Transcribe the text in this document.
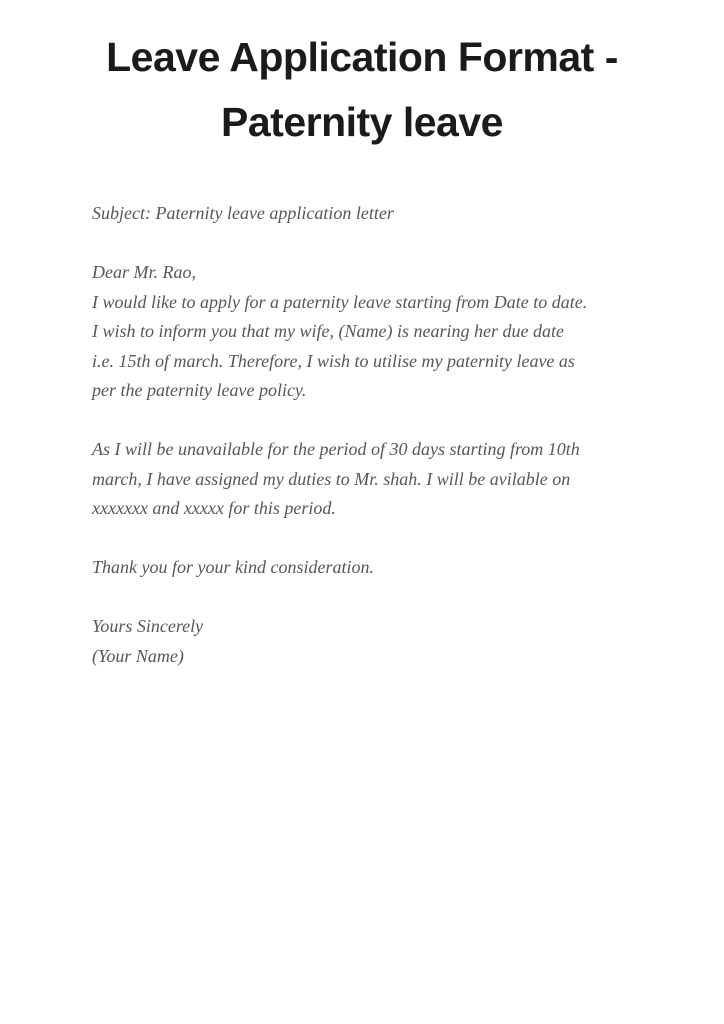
Leave Application Format -
Paternity leave

Subject: Paternity leave application letter

Dear Mr. Rao,
I would like to apply for a paternity leave starting from Date to date.
I wish to inform you that my wife, (Name) is nearing her due date
i.e. 15th of march. Therefore, I wish to utilise my paternity leave as
per the paternity leave policy.

As I will be unavailable for the period of 30 days starting from 10th
march, I have assigned my duties to Mr. shah. I will be avilable on
xxxxxxx and xxxxx for this period.

Thank you for your kind consideration.

Yours Sincerely
(Your Name)
